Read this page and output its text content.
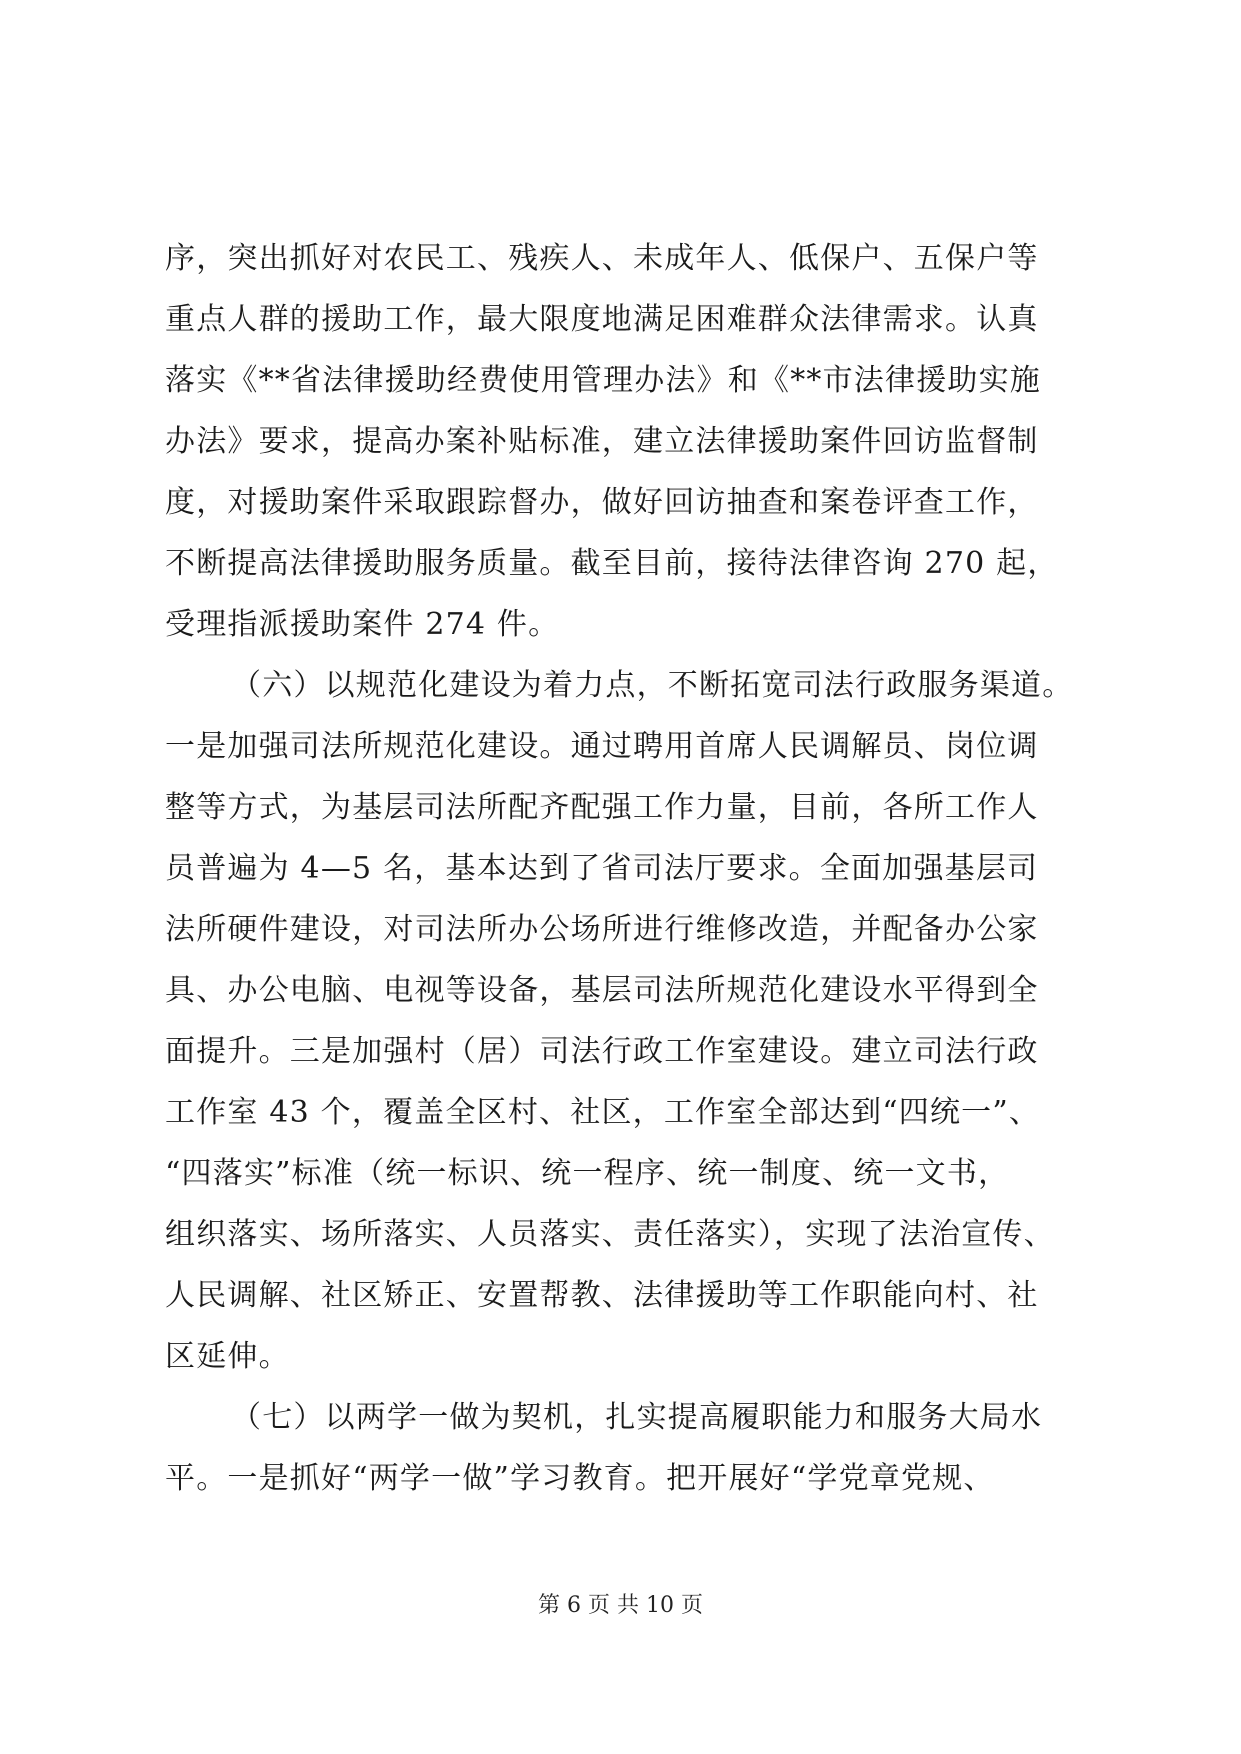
序，突出抓好对农民工、残疾人、未成年人、低保户、五保户等
重点人群的援助工作，最大限度地满足困难群众法律需求。认真
落实《**省法律援助经费使用管理办法》和《**市法律援助实施
办法》要求，提高办案补贴标准，建立法律援助案件回访监督制
度，对援助案件采取跟踪督办，做好回访抽查和案卷评查工作，
不断提高法律援助服务质量。截至目前，接待法律咨询 270 起，
受理指派援助案件 274 件。
（六）以规范化建设为着力点，不断拓宽司法行政服务渠道。
一是加强司法所规范化建设。通过聘用首席人民调解员、岗位调
整等方式，为基层司法所配齐配强工作力量，目前，各所工作人
员普遍为 4—5 名，基本达到了省司法厅要求。全面加强基层司
法所硬件建设，对司法所办公场所进行维修改造，并配备办公家
具、办公电脑、电视等设备，基层司法所规范化建设水平得到全
面提升。三是加强村（居）司法行政工作室建设。建立司法行政
工作室 43 个，覆盖全区村、社区，工作室全部达到“四统一”、
“四落实”标准（统一标识、统一程序、统一制度、统一文书，
组织落实、场所落实、人员落实、责任落实），实现了法治宣传、
人民调解、社区矫正、安置帮教、法律援助等工作职能向村、社
区延伸。
（七）以两学一做为契机，扎实提高履职能力和服务大局水
平。一是抓好“两学一做”学习教育。把开展好“学党章党规、
第 6 页 共 10 页
